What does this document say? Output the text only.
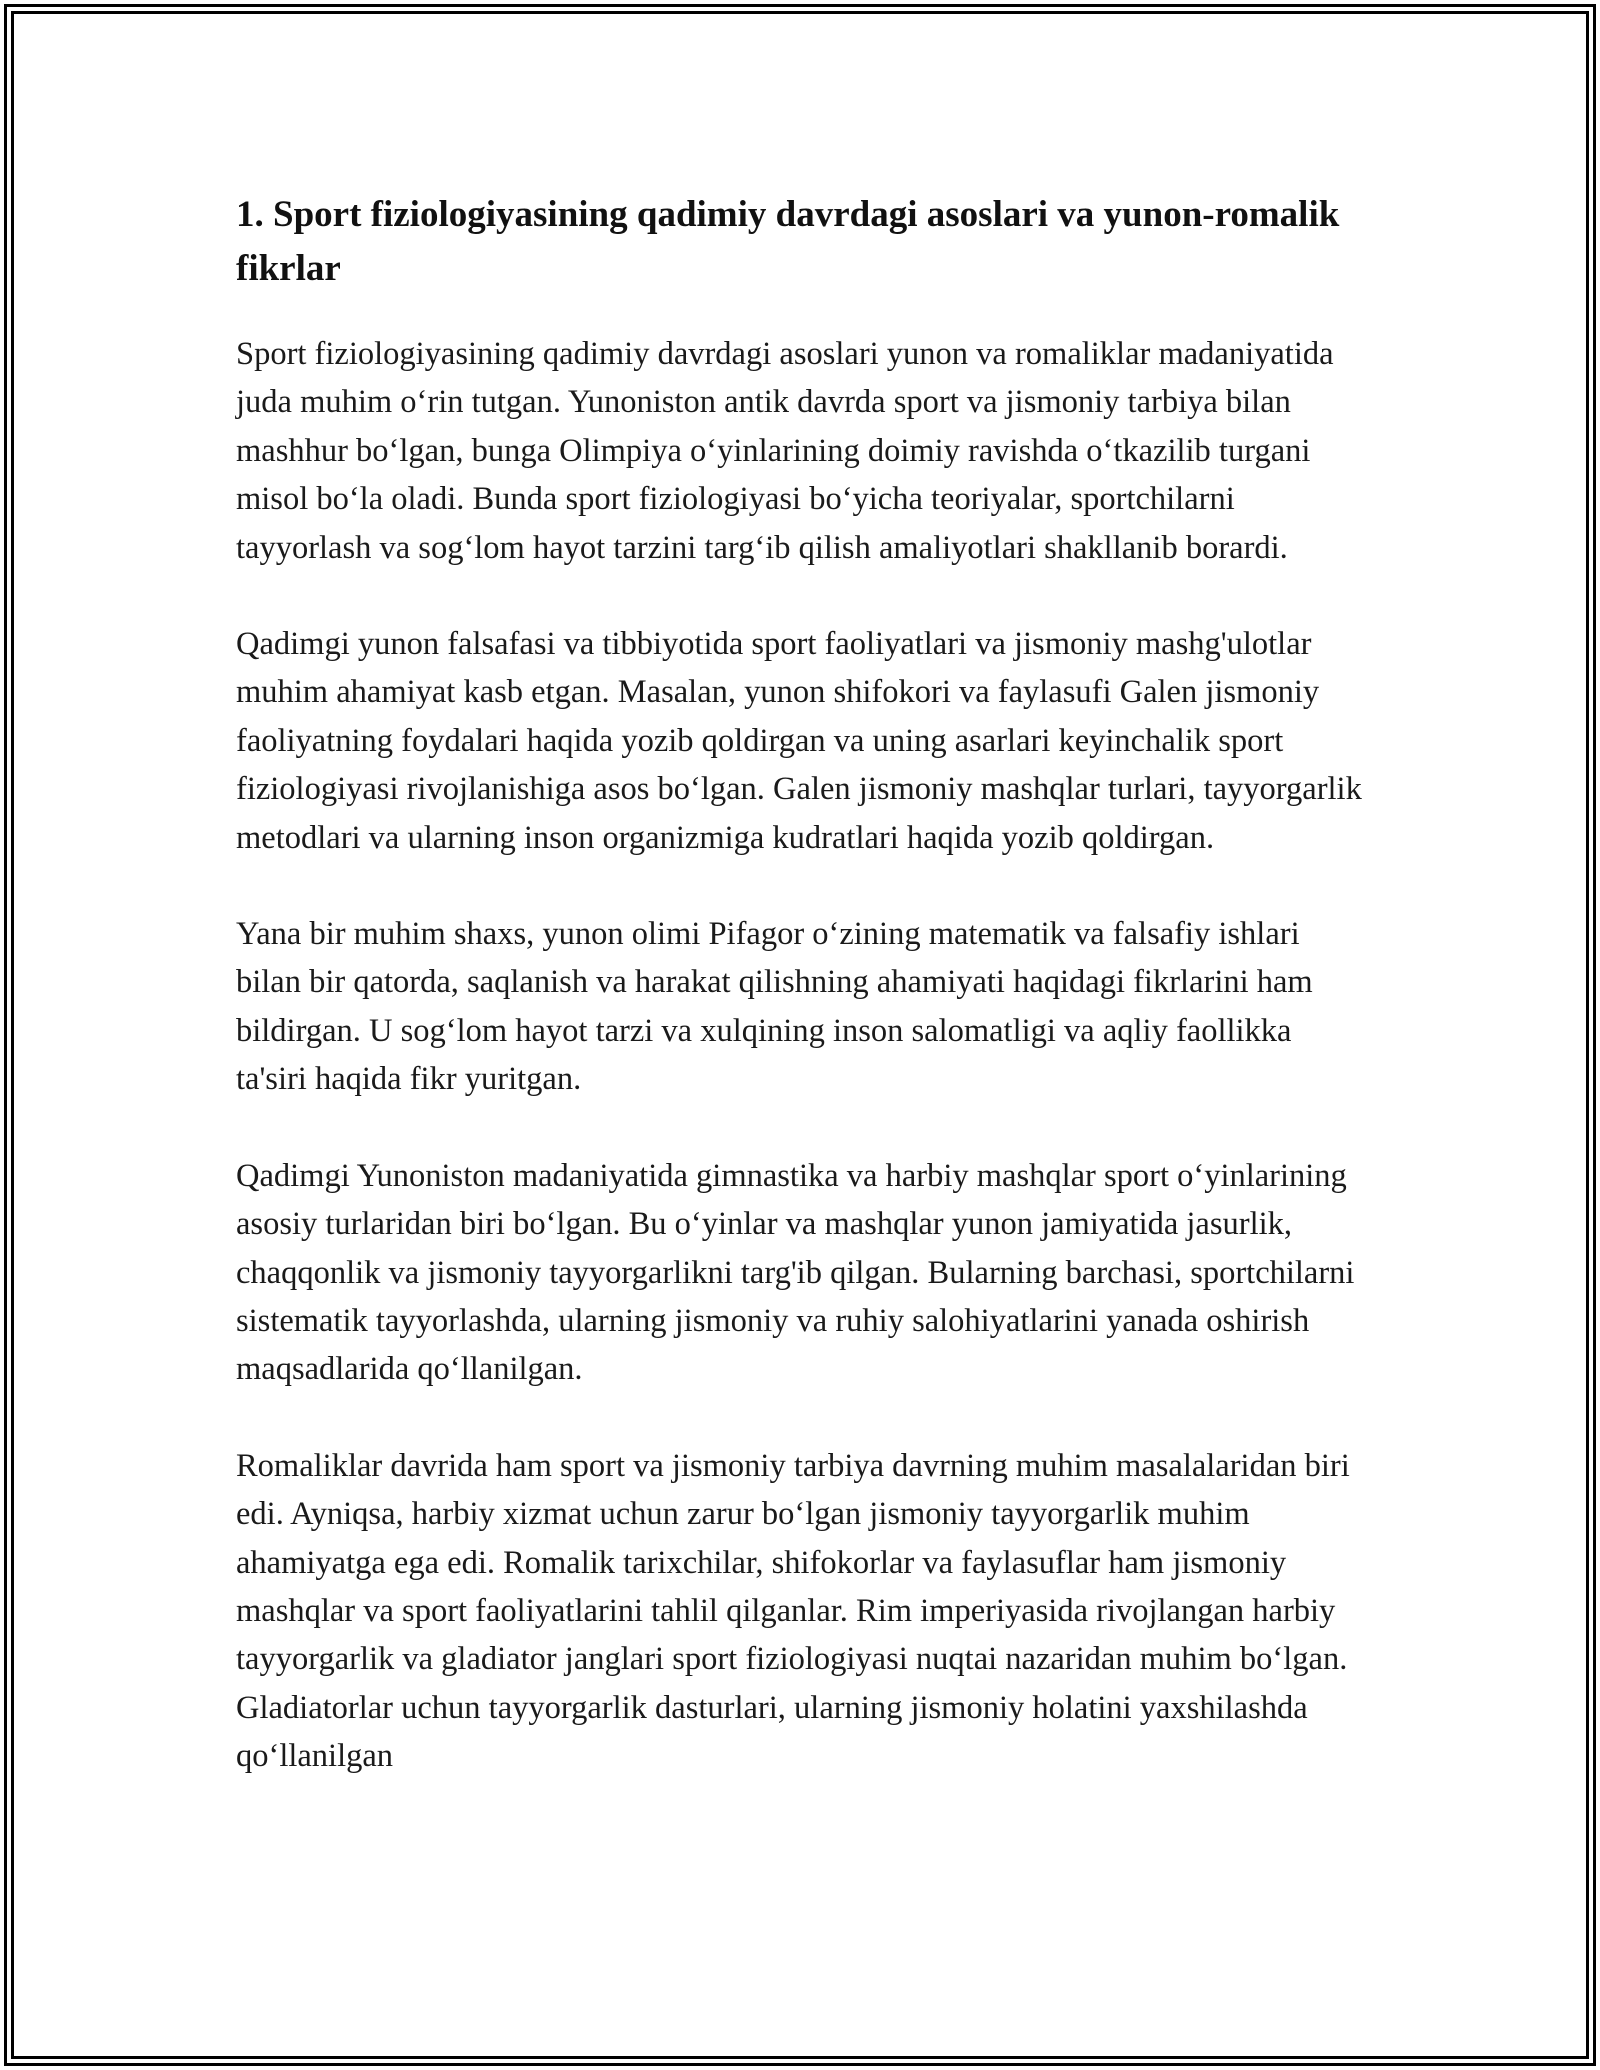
1. Sport fiziologiyasining qadimiy davrdagi asoslari va yunon-romalik fikrlar

Sport fiziologiyasining qadimiy davrdagi asoslari yunon va romaliklar madaniyatida juda muhim o‘rin tutgan. Yunoniston antik davrda sport va jismoniy tarbiya bilan mashhur bo‘lgan, bunga Olimpiya o‘yinlarining doimiy ravishda o‘tkazilib turgani misol bo‘la oladi. Bunda sport fiziologiyasi bo‘yicha teoriyalar, sportchilarni tayyorlash va sog‘lom hayot tarzini targ‘ib qilish amaliyotlari shakllanib borardi.

Qadimgi yunon falsafasi va tibbiyotida sport faoliyatlari va jismoniy mashg'ulotlar muhim ahamiyat kasb etgan. Masalan, yunon shifokori va faylasufi Galen jismoniy faoliyatning foydalari haqida yozib qoldirgan va uning asarlari keyinchalik sport fiziologiyasi rivojlanishiga asos bo‘lgan. Galen jismoniy mashqlar turlari, tayyorgarlik metodlari va ularning inson organizmiga kudratlari haqida yozib qoldirgan.

Yana bir muhim shaxs, yunon olimi Pifagor o‘zining matematik va falsafiy ishlari bilan bir qatorda, saqlanish va harakat qilishning ahamiyati haqidagi fikrlarini ham bildirgan. U sog‘lom hayot tarzi va xulqining inson salomatligi va aqliy faollikka ta'siri haqida fikr yuritgan.

Qadimgi Yunoniston madaniyatida gimnastika va harbiy mashqlar sport o‘yinlarining asosiy turlaridan biri bo‘lgan. Bu o‘yinlar va mashqlar yunon jamiyatida jasurlik, chaqqonlik va jismoniy tayyorgarlikni targ'ib qilgan. Bularning barchasi, sportchilarni sistematik tayyorlashda, ularning jismoniy va ruhiy salohiyatlarini yanada oshirish maqsadlarida qo‘llanilgan.

Romaliklar davrida ham sport va jismoniy tarbiya davrning muhim masalalaridan biri edi. Ayniqsa, harbiy xizmat uchun zarur bo‘lgan jismoniy tayyorgarlik muhim ahamiyatga ega edi. Romalik tarixchilar, shifokorlar va faylasuflar ham jismoniy mashqlar va sport faoliyatlarini tahlil qilganlar. Rim imperiyasida rivojlangan harbiy tayyorgarlik va gladiator janglari sport fiziologiyasi nuqtai nazaridan muhim bo‘lgan. Gladiatorlar uchun tayyorgarlik dasturlari, ularning jismoniy holatini yaxshilashda qo‘llanilgan
